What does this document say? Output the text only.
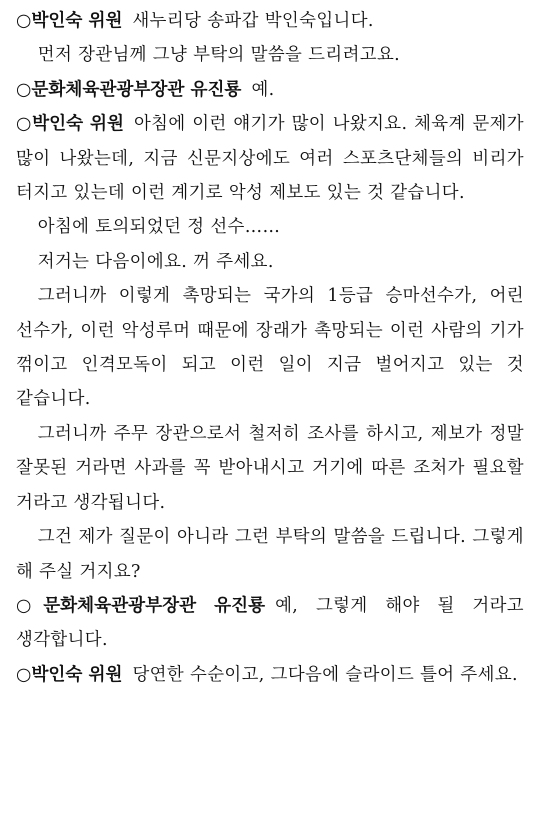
○박인숙 위원 새누리당 송파갑 박인숙입니다.

먼저 장관님께 그냥 부탁의 말씀을 드리려고요.

○문화체육관광부장관 유진룡 예.

○박인숙 위원 아침에 이런 얘기가 많이 나왔지요. 체육계 문제가 많이 나왔는데, 지금 신문지상에도 여러 스포츠단체들의 비리가 터지고 있는데 이런 계기로 악성 제보도 있는 것 같습니다.

아침에 토의되었던 정 선수……

저거는 다음이에요. 꺼 주세요.

그러니까 이렇게 촉망되는 국가의 1등급 승마선수가, 어린 선수가, 이런 악성루머 때문에 장래가 촉망되는 이런 사람의 기가 꺾이고 인격모독이 되고 이런 일이 지금 벌어지고 있는 것 같습니다.

그러니까 주무 장관으로서 철저히 조사를 하시고, 제보가 정말 잘못된 거라면 사과를 꼭 받아내시고 거기에 따른 조처가 필요할 거라고 생각됩니다.

그건 제가 질문이 아니라 그런 부탁의 말씀을 드립니다. 그렇게 해 주실 거지요?

○문화체육관광부장관 유진룡 예, 그렇게 해야 될 거라고 생각합니다.

○박인숙 위원 당연한 수순이고, 그다음에 슬라이드 틀어 주세요.
